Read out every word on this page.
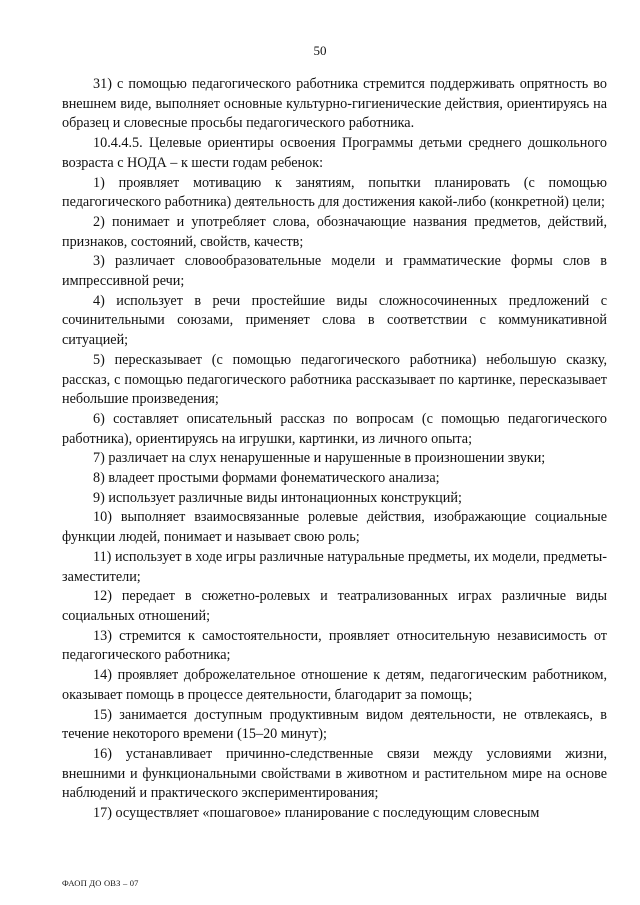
50

31) с помощью педагогического работника стремится поддерживать опрятность во внешнем виде, выполняет основные культурно-гигиенические действия, ориентируясь на образец и словесные просьбы педагогического работника.

10.4.4.5. Целевые ориентиры освоения Программы детьми среднего дошкольного возраста с НОДА – к шести годам ребенок:

1) проявляет мотивацию к занятиям, попытки планировать (с помощью педагогического работника) деятельность для достижения какой-либо (конкретной) цели;

2) понимает и употребляет слова, обозначающие названия предметов, действий, признаков, состояний, свойств, качеств;

3) различает словообразовательные модели и грамматические формы слов в импрессивной речи;

4) использует в речи простейшие виды сложносочиненных предложений с сочинительными союзами, применяет слова в соответствии с коммуникативной ситуацией;

5) пересказывает (с помощью педагогического работника) небольшую сказку, рассказ, с помощью педагогического работника рассказывает по картинке, пересказывает небольшие произведения;

6) составляет описательный рассказ по вопросам (с помощью педагогического работника), ориентируясь на игрушки, картинки, из личного опыта;

7) различает на слух ненарушенные и нарушенные в произношении звуки;

8) владеет простыми формами фонематического анализа;

9) использует различные виды интонационных конструкций;

10) выполняет взаимосвязанные ролевые действия, изображающие социальные функции людей, понимает и называет свою роль;

11) использует в ходе игры различные натуральные предметы, их модели, предметы-заместители;

12) передает в сюжетно-ролевых и театрализованных играх различные виды социальных отношений;

13) стремится к самостоятельности, проявляет относительную независимость от педагогического работника;

14) проявляет доброжелательное отношение к детям, педагогическим работником, оказывает помощь в процессе деятельности, благодарит за помощь;

15) занимается доступным продуктивным видом деятельности, не отвлекаясь, в течение некоторого времени (15–20 минут);

16) устанавливает причинно-следственные связи между условиями жизни, внешними и функциональными свойствами в животном и растительном мире на основе наблюдений и практического экспериментирования;

17) осуществляет «пошаговое» планирование с последующим словесным

ФАОП ДО ОВЗ – 07
